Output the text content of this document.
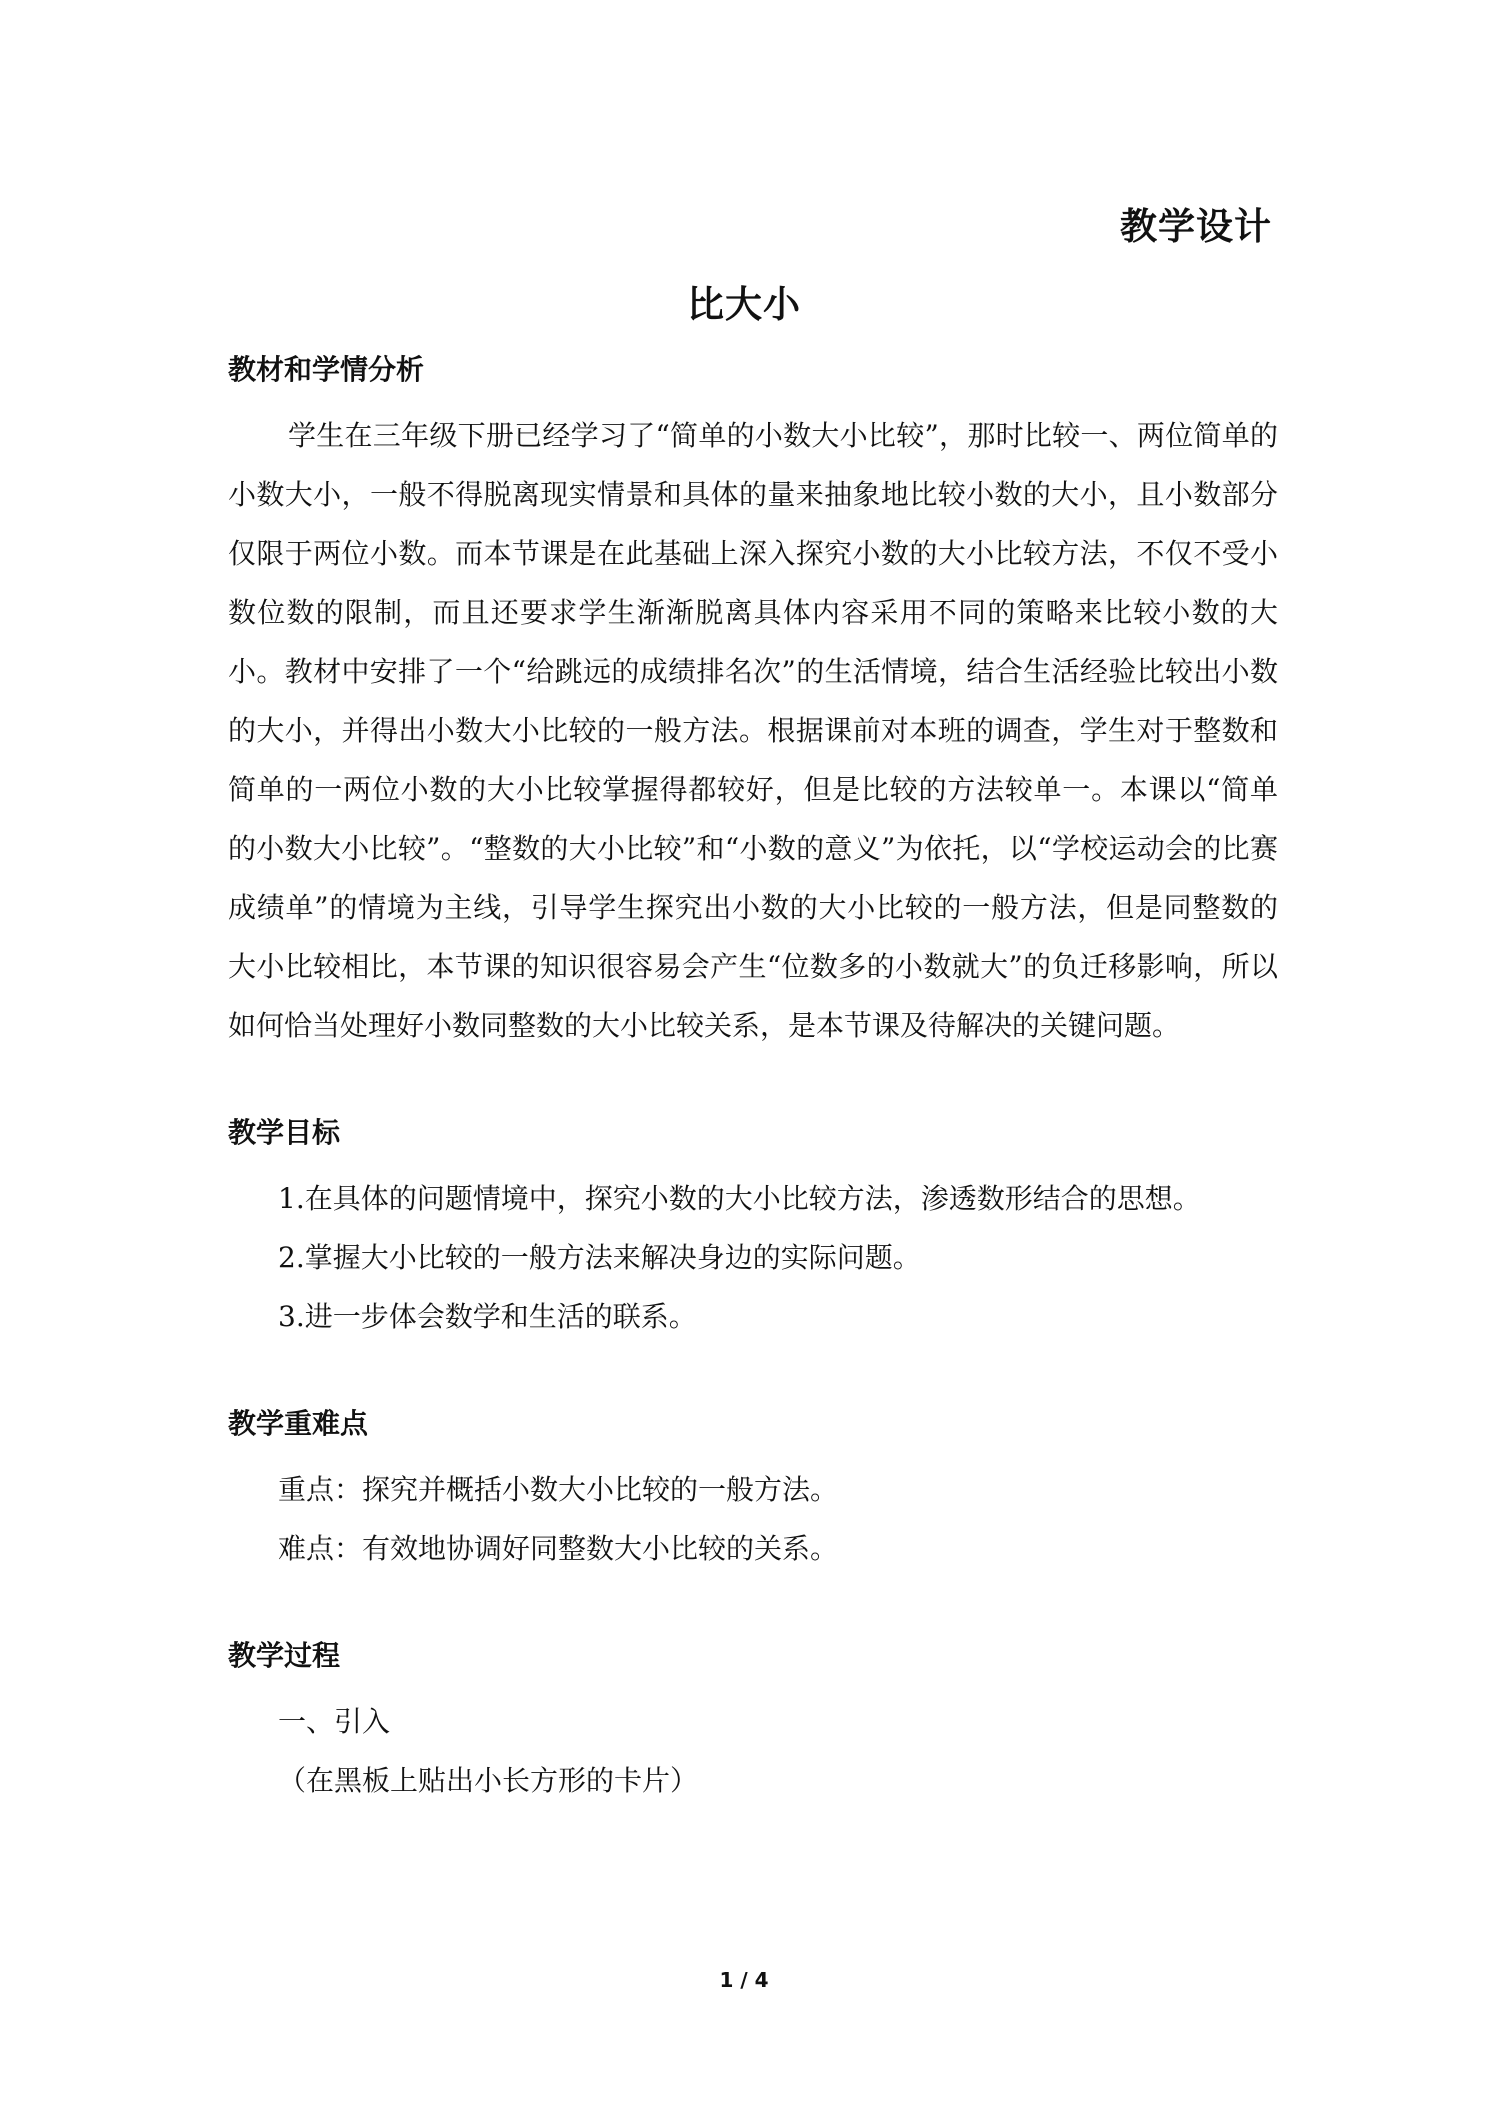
教学设计
比大小
教材和学情分析

学生在三年级下册已经学习了“简单的小数大小比较”，那时比较一、两位简单的小数大小，一般不得脱离现实情景和具体的量来抽象地比较小数的大小，且小数部分仅限于两位小数。而本节课是在此基础上深入探究小数的大小比较方法，不仅不受小数位数的限制，而且还要求学生渐渐脱离具体内容采用不同的策略来比较小数的大小。教材中安排了一个“给跳远的成绩排名次”的生活情境，结合生活经验比较出小数的大小，并得出小数大小比较的一般方法。根据课前对本班的调查，学生对于整数和简单的一两位小数的大小比较掌握得都较好，但是比较的方法较单一。本课以“简单的小数大小比较”。“整数的大小比较”和“小数的意义”为依托，以“学校运动会的比赛成绩单”的情境为主线，引导学生探究出小数的大小比较的一般方法，但是同整数的大小比较相比，本节课的知识很容易会产生“位数多的小数就大”的负迁移影响，所以如何恰当处理好小数同整数的大小比较关系，是本节课及待解决的关键问题。

教学目标
1.在具体的问题情境中，探究小数的大小比较方法，渗透数形结合的思想。
2.掌握大小比较的一般方法来解决身边的实际问题。
3.进一步体会数学和生活的联系。
教学重难点
重点：探究并概括小数大小比较的一般方法。
难点：有效地协调好同整数大小比较的关系。
教学过程
一、引入
（在黑板上贴出小长方形的卡片）
1 / 4
